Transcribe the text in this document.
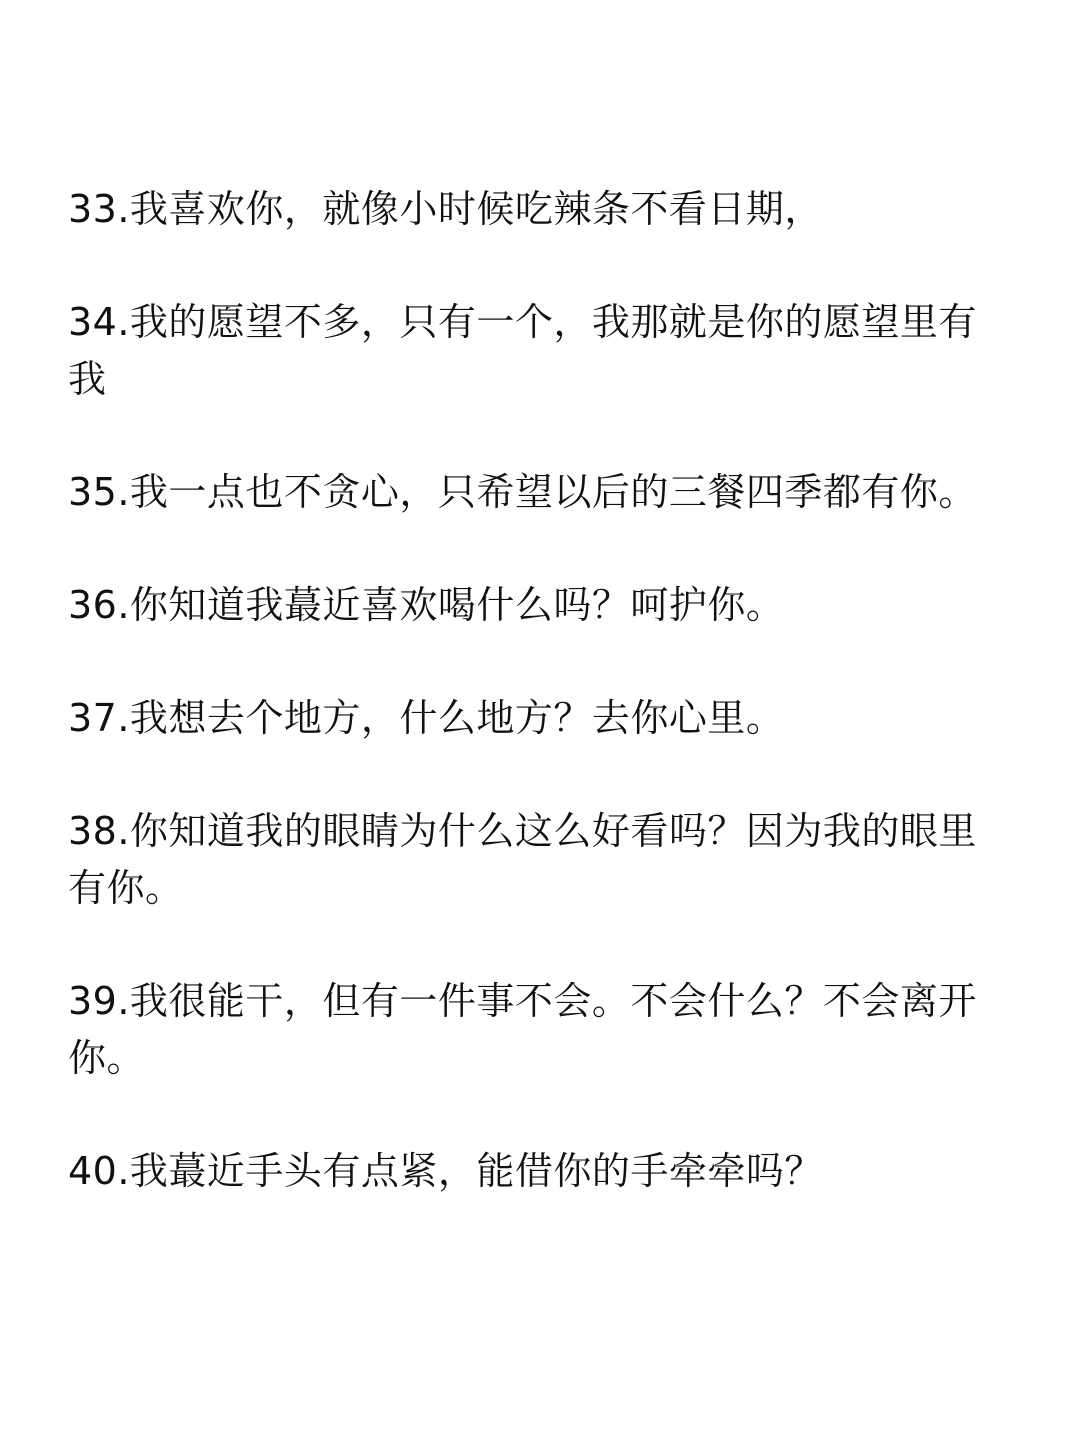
33.我喜欢你，就像小时候吃辣条不看日期，

34.我的愿望不多，只有一个，我那就是你的愿望里有我

35.我一点也不贪心，只希望以后的三餐四季都有你。

36.你知道我蕞近喜欢喝什么吗？呵护你。

37.我想去个地方，什么地方？去你心里。

38.你知道我的眼睛为什么这么好看吗？因为我的眼里有你。

39.我很能干，但有一件事不会。不会什么？不会离开你。

40.我蕞近手头有点紧，能借你的手牵牵吗？
